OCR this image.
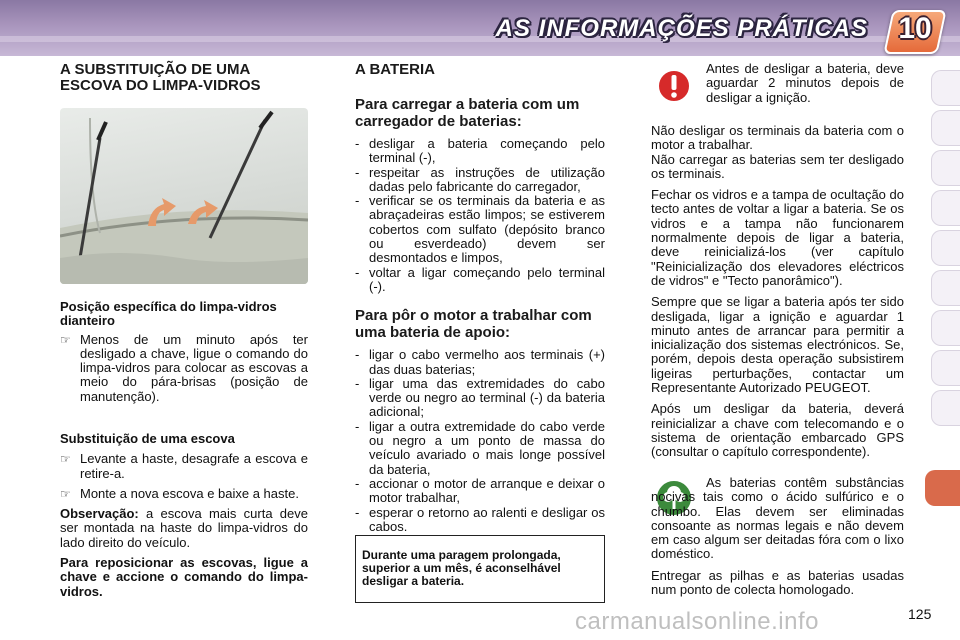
AS INFORMAÇÕES PRÁTICAS 10
A SUBSTITUIÇÃO DE UMA ESCOVA DO LIMPA-VIDROS

Posição específica do limpa-vidros dianteiro

☞ Menos de um minuto após ter desligado a chave, ligue o comando do limpa-vidros para colocar as escovas a meio do pára-brisas (posição de manutenção).

Substituição de uma escova

☞ Levante a haste, desagrafe a escova e retire-a.
☞ Monte a nova escova e baixe a haste.

Observação: a escova mais curta deve ser montada na haste do limpa-vidros do lado direito do veículo.

Para reposicionar as escovas, ligue a chave e accione o comando do limpa-vidros.

A BATERIA
Para carregar a bateria com um carregador de baterias:

- desligar a bateria começando pelo terminal (-),

- respeitar as instruções de utilização dadas pelo fabricante do carregador,

- verificar se os terminais da bateria e as abraçadeiras estão limpos; se estiverem cobertos com sulfato (depósito branco ou esverdeado) devem ser desmontados e limpos,

- voltar a ligar começando pelo terminal (-).

Para pôr o motor a trabalhar com uma bateria de apoio:

- ligar o cabo vermelho aos terminais (+) das duas baterias;

- ligar uma das extremidades do cabo verde ou negro ao terminal (-) da bateria adicional;

- ligar a outra extremidade do cabo verde ou negro a um ponto de massa do veículo avariado o mais longe possível da bateria,

- accionar o motor de arranque e deixar o motor trabalhar,

- esperar o retorno ao ralenti e desligar os cabos.

Durante uma paragem prolongada, superior a um mês, é aconselhável desligar a bateria.
Antes de desligar a bateria, deve aguardar 2 minutos depois de desligar a ignição.

Não desligar os terminais da bateria com o motor a trabalhar.

Não carregar as baterias sem ter desligado os terminais.

Fechar os vidros e a tampa de ocultação do tecto antes de voltar a ligar a bateria. Se os vidros e a tampa não funcionarem normalmente depois de ligar a bateria, deve reinicializá-los (ver capítulo "Reinicialização dos elevadores eléctricos de vidros" e "Tecto panorâmico").

Sempre que se ligar a bateria após ter sido desligada, ligar a ignição e aguardar 1 minuto antes de arrancar para permitir a inicialização dos sistemas electrónicos. Se, porém, depois desta operação subsistirem ligeiras perturbações, contactar um Representante Autorizado PEUGEOT.

Após um desligar da bateria, deverá reinicializar a chave com telecomando e o sistema de orientação embarcado GPS (consultar o capítulo correspondente).

As baterias contêm substâncias nocivas tais como o ácido sulfúrico e o chumbo. Elas devem ser eliminadas consoante as normas legais e não devem em caso algum ser deitadas fóra com o lixo doméstico.

Entregar as pilhas e as baterias usadas num ponto de colecta homologado.

carmanualsonline.info	125
